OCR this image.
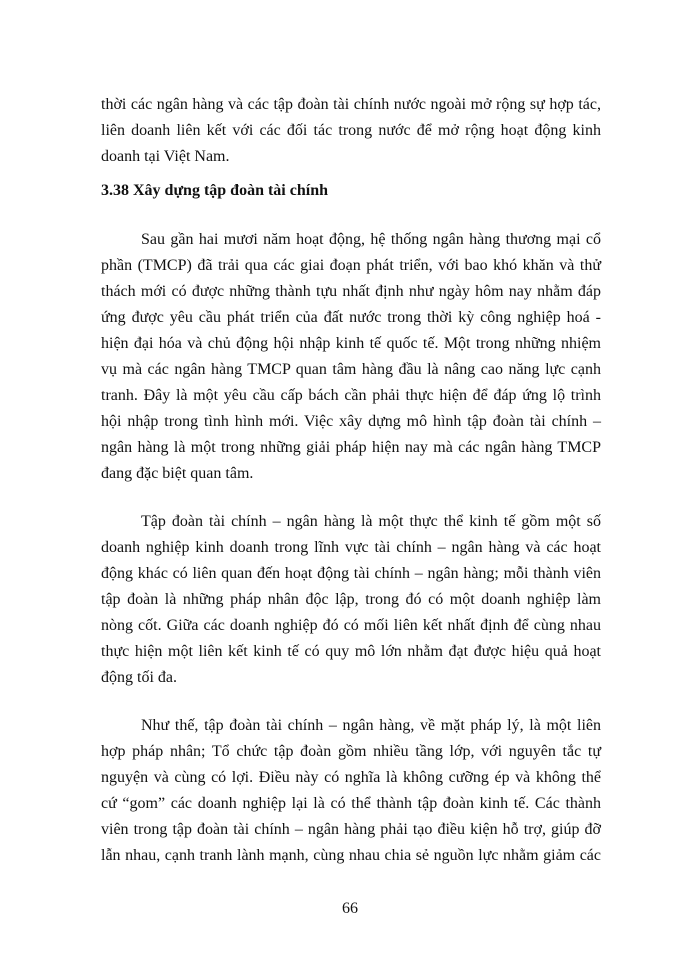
thời các ngân hàng và các tập đoàn tài chính nước ngoài mở rộng sự hợp tác,
liên doanh liên kết với các đối tác trong nước để mở rộng hoạt động kinh
doanh tại Việt Nam.
3.38 Xây dựng tập đoàn tài chính
Sau gần hai mươi năm hoạt động, hệ thống ngân hàng thương mại cổ
phần (TMCP) đã trải qua các giai đoạn phát triển, với bao khó khăn và thử
thách mới có được những thành tựu nhất định như ngày hôm nay nhằm đáp
ứng được yêu cầu phát triển của đất nước trong thời kỳ công nghiệp hoá -
hiện đại hóa và chủ động hội nhập kinh tế quốc tế. Một trong những nhiệm
vụ mà các ngân hàng TMCP quan tâm hàng đầu là nâng cao năng lực cạnh
tranh. Đây là một yêu cầu cấp bách cần phải thực hiện để đáp ứng lộ trình
hội nhập trong tình hình mới. Việc xây dựng mô hình tập đoàn tài chính –
ngân hàng là một trong những giải pháp hiện nay mà các ngân hàng TMCP
đang đặc biệt quan tâm.
Tập đoàn tài chính – ngân hàng là một thực thể kinh tế gồm một số
doanh nghiệp kinh doanh trong lĩnh vực tài chính – ngân hàng và các hoạt
động khác có liên quan đến hoạt động tài chính – ngân hàng; mỗi thành viên
tập đoàn là những pháp nhân độc lập, trong đó có một doanh nghiệp làm
nòng cốt. Giữa các doanh nghiệp đó có mối liên kết nhất định để cùng nhau
thực hiện một liên kết kinh tế có quy mô lớn nhằm đạt được hiệu quả hoạt
động tối đa.
Như thế, tập đoàn tài chính – ngân hàng, về mặt pháp lý, là một liên
hợp pháp nhân; Tổ chức tập đoàn gồm nhiều tầng lớp, với nguyên tắc tự
nguyện và cùng có lợi. Điều này có nghĩa là không cưỡng ép và không thể
cứ “gom” các doanh nghiệp lại là có thể thành tập đoàn kinh tế. Các thành
viên trong tập đoàn tài chính – ngân hàng phải tạo điều kiện hỗ trợ, giúp đỡ
lẫn nhau, cạnh tranh lành mạnh, cùng nhau chia sẻ nguồn lực nhằm giảm các
66
